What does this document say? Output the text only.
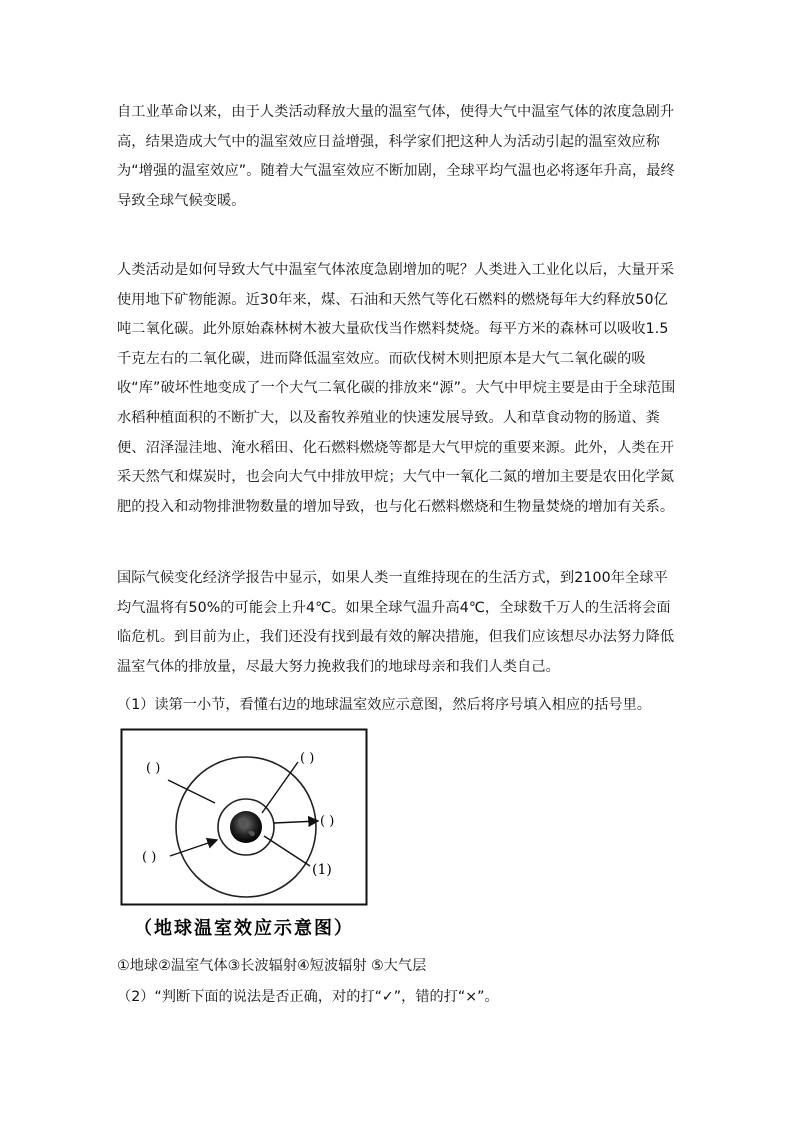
自工业革命以来，由于人类活动释放大量的温室气体，使得大气中温室气体的浓度急剧升高，结果造成大气中的温室效应日益增强，科学家们把这种人为活动引起的温室效应称为“增强的温室效应”。随着大气温室效应不断加剧，全球平均气温也必将逐年升高，最终导致全球气候变暖。

人类活动是如何导致大气中温室气体浓度急剧增加的呢？人类进入工业化以后，大量开采使用地下矿物能源。近30年来，煤、石油和天然气等化石燃料的燃烧每年大约释放50亿吨二氧化碳。此外原始森林树木被大量砍伐当作燃料焚烧。每平方米的森林可以吸收1.5千克左右的二氧化碳，进而降低温室效应。而砍伐树木则把原本是大气二氧化碳的吸收“库”破坏性地变成了一个大气二氧化碳的排放来“源”。大气中甲烷主要是由于全球范围水稻种植面积的不断扩大，以及畜牧养殖业的快速发展导致。人和草食动物的肠道、粪便、沼泽湿洼地、淹水稻田、化石燃料燃烧等都是大气甲烷的重要来源。此外，人类在开采天然气和煤炭时，也会向大气中排放甲烷；大气中一氧化二氮的增加主要是农田化学氮肥的投入和动物排泄物数量的增加导致，也与化石燃料燃烧和生物量焚烧的增加有关系。

国际气候变化经济学报告中显示，如果人类一直维持现在的生活方式，到2100年全球平均气温将有50%的可能会上升4℃。如果全球气温升高4℃，全球数千万人的生活将会面临危机。到目前为止，我们还没有找到最有效的解决措施，但我们应该想尽办法努力降低温室气体的排放量，尽最大努力挽救我们的地球母亲和我们人类自己。

（1）读第一小节，看懂右边的地球温室效应示意图，然后将序号填入相应的括号里。

( )
( )
( )
( )
(1)
（地球温室效应示意图）

①地球②温室气体③长波辐射④短波辐射 ⑤大气层

（2）“判断下面的说法是否正确，对的打“✓”，错的打“×”。
